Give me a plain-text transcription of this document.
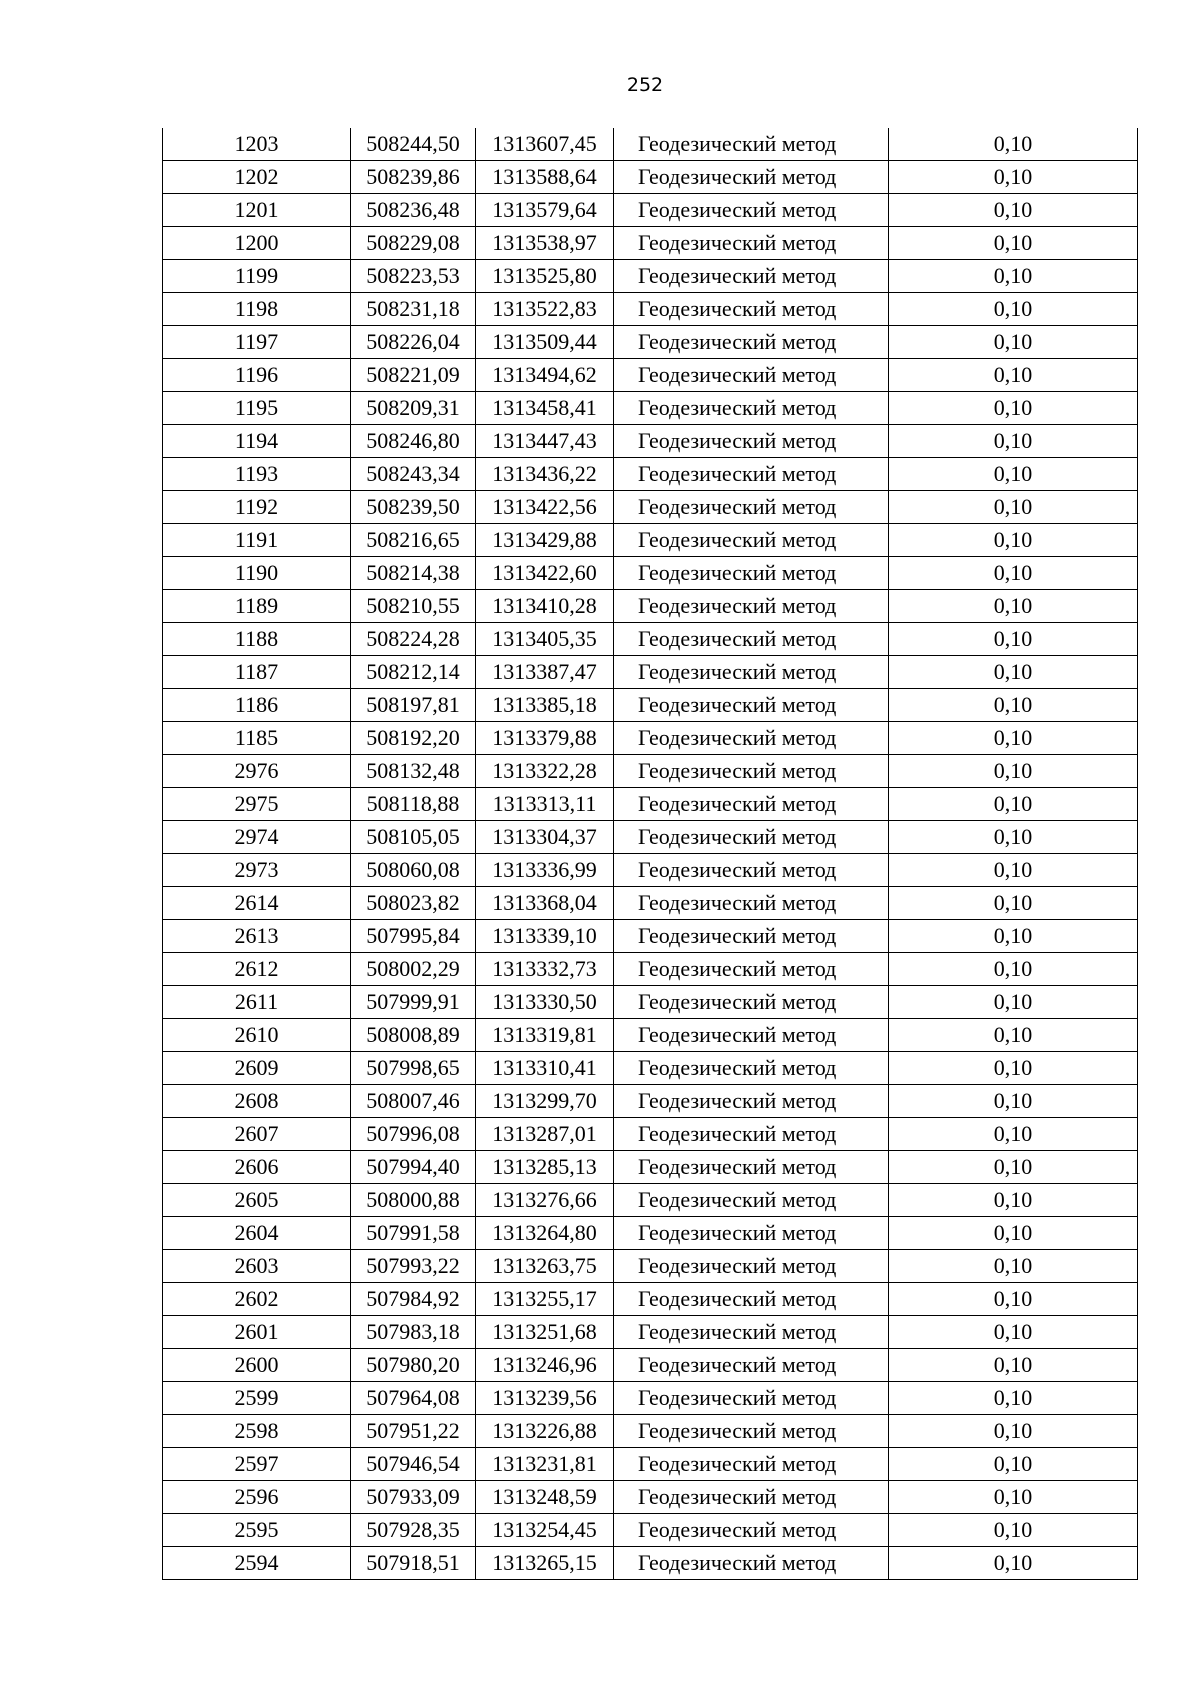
252
1203	508244,50	1313607,45	Геодезический метод	0,10
1202	508239,86	1313588,64	Геодезический метод	0,10
1201	508236,48	1313579,64	Геодезический метод	0,10
1200	508229,08	1313538,97	Геодезический метод	0,10
1199	508223,53	1313525,80	Геодезический метод	0,10
1198	508231,18	1313522,83	Геодезический метод	0,10
1197	508226,04	1313509,44	Геодезический метод	0,10
1196	508221,09	1313494,62	Геодезический метод	0,10
1195	508209,31	1313458,41	Геодезический метод	0,10
1194	508246,80	1313447,43	Геодезический метод	0,10
1193	508243,34	1313436,22	Геодезический метод	0,10
1192	508239,50	1313422,56	Геодезический метод	0,10
1191	508216,65	1313429,88	Геодезический метод	0,10
1190	508214,38	1313422,60	Геодезический метод	0,10
1189	508210,55	1313410,28	Геодезический метод	0,10
1188	508224,28	1313405,35	Геодезический метод	0,10
1187	508212,14	1313387,47	Геодезический метод	0,10
1186	508197,81	1313385,18	Геодезический метод	0,10
1185	508192,20	1313379,88	Геодезический метод	0,10
2976	508132,48	1313322,28	Геодезический метод	0,10
2975	508118,88	1313313,11	Геодезический метод	0,10
2974	508105,05	1313304,37	Геодезический метод	0,10
2973	508060,08	1313336,99	Геодезический метод	0,10
2614	508023,82	1313368,04	Геодезический метод	0,10
2613	507995,84	1313339,10	Геодезический метод	0,10
2612	508002,29	1313332,73	Геодезический метод	0,10
2611	507999,91	1313330,50	Геодезический метод	0,10
2610	508008,89	1313319,81	Геодезический метод	0,10
2609	507998,65	1313310,41	Геодезический метод	0,10
2608	508007,46	1313299,70	Геодезический метод	0,10
2607	507996,08	1313287,01	Геодезический метод	0,10
2606	507994,40	1313285,13	Геодезический метод	0,10
2605	508000,88	1313276,66	Геодезический метод	0,10
2604	507991,58	1313264,80	Геодезический метод	0,10
2603	507993,22	1313263,75	Геодезический метод	0,10
2602	507984,92	1313255,17	Геодезический метод	0,10
2601	507983,18	1313251,68	Геодезический метод	0,10
2600	507980,20	1313246,96	Геодезический метод	0,10
2599	507964,08	1313239,56	Геодезический метод	0,10
2598	507951,22	1313226,88	Геодезический метод	0,10
2597	507946,54	1313231,81	Геодезический метод	0,10
2596	507933,09	1313248,59	Геодезический метод	0,10
2595	507928,35	1313254,45	Геодезический метод	0,10
2594	507918,51	1313265,15	Геодезический метод	0,10
